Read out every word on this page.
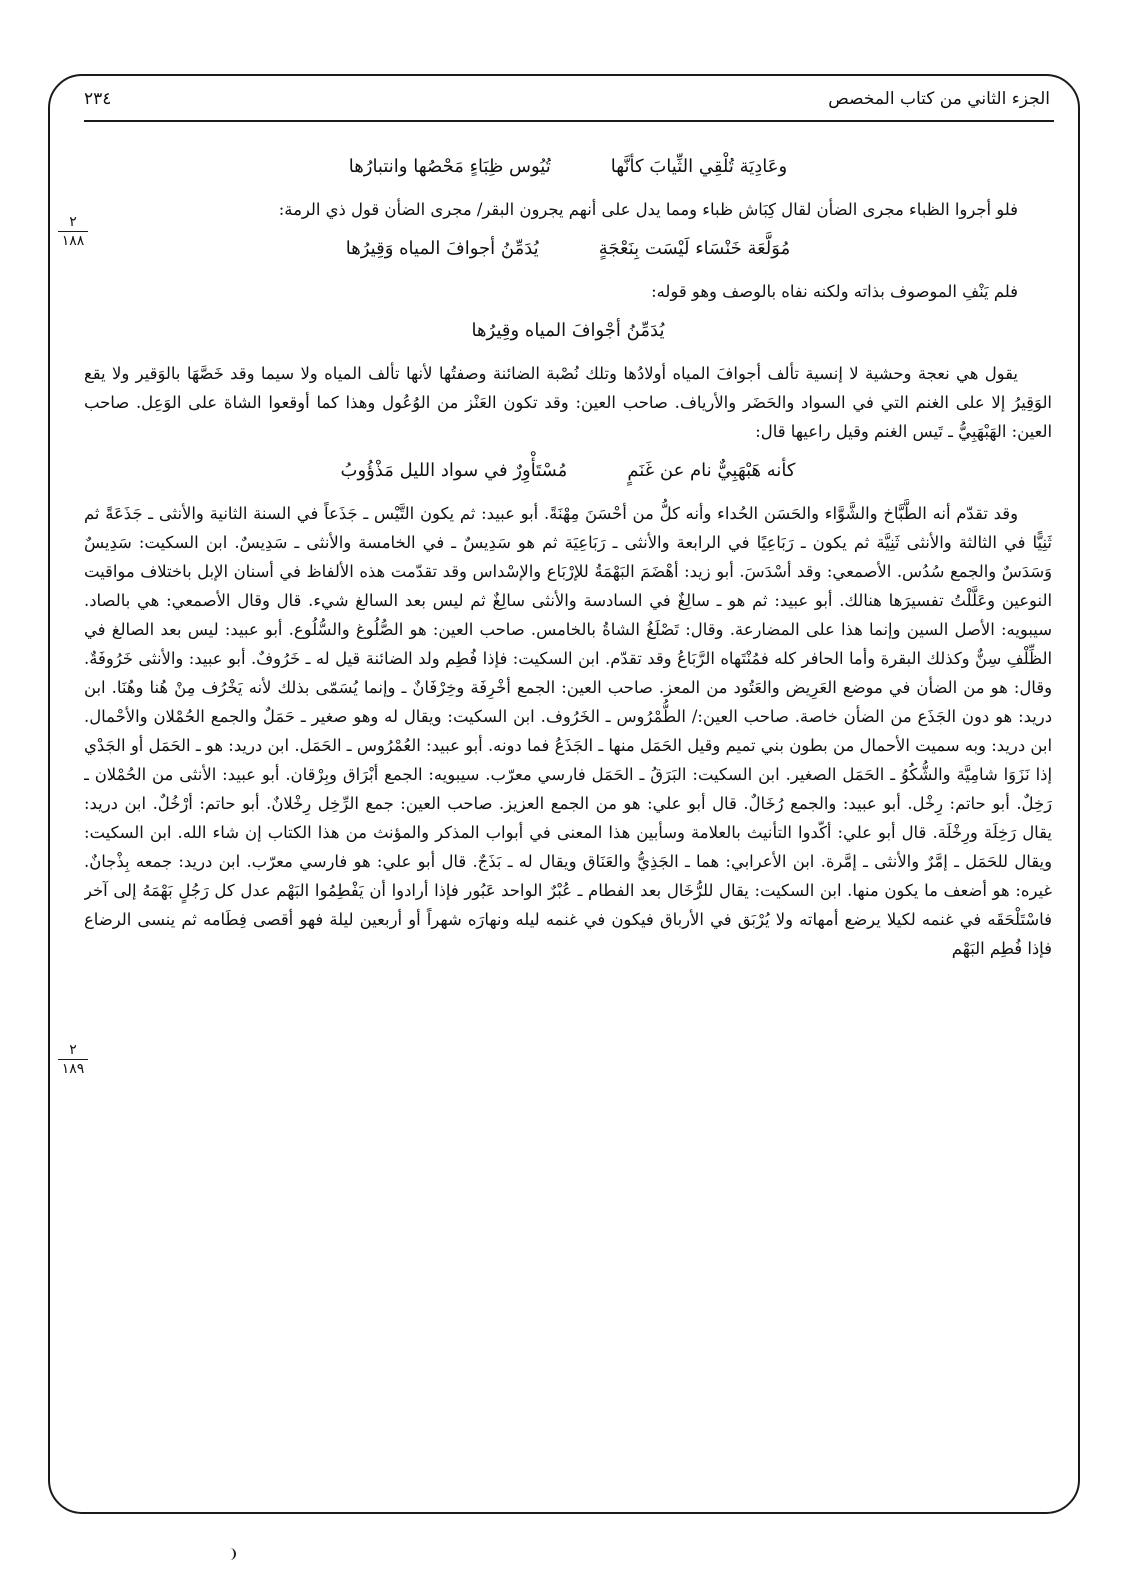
الجزء الثاني من كتاب المخصص
٢٣٤
٢
١٨٨
٢
١٨٩
وعَادِيَة تُلْقِي الثِّيابَ كأنَّها
تُيُوس ظِبَاءٍ مَحْصُها وانتبارُها

فلو أجروا الظباء مجرى الضأن لقال كِبَاش ظباء ومما يدل على أنهم يجرون البقر/ مجرى الضأن قول ذي الرمة:

مُوَلَّعَة خَنْسَاء لَيْسَت بِنَعْجَةٍ
يُدَمِّنُ أجوافَ المياه وَقِيرُها

فلم يَنْفِ الموصوف بذاته ولكنه نفاه بالوصف وهو قوله:

يُدَمِّنُ أجْوافَ المياه وقِيرُها

يقول هي نعجة وحشية لا إنسية تألف أجوافَ المياه أولادُها وتلك نُصْبة الضائنة وصفتُها لأنها تألف المياه ولا سيما وقد خَصَّهَا بالوَقير ولا يقع الوَقِيرُ إلا على الغنم التي في السواد والحَضَر والأرياف. صاحب العين: وقد تكون العَنْز من الوُعُول وهذا كما أوقعوا الشاة على الوَعِل. صاحب العين: الهَبْهَبِيُّ ـ تَيس الغنم وقيل راعيها قال:

كأنه هَبْهَبِيٌّ نام عن غَنَمٍ
مُسْتَأْوِرٌ في سواد الليل مَذْؤُوبُ

وقد تقدّم أنه الطَّبَّاخ والشَّوَّاء والحَسَن الحُداء وأنه كلُّ من أحْسَنَ مِهْنَةً. أبو عبيد: ثم يكون التَّيْس ـ جَذَعاً في السنة الثانية والأنثى ـ جَذَعَةً ثم ثَنِيًّا في الثالثة والأنثى ثَنِيَّة ثم يكون ـ رَبَاعِيًا في الرابعة والأنثى ـ رَبَاعِيَة ثم هو سَدِيسٌ ـ في الخامسة والأنثى ـ سَدِيسٌ. ابن السكيت: سَدِيسٌ وَسَدَسٌ والجمع سُدُس. الأصمعي: وقد أسْدَسَ. أبو زيد: أهْضَمَ البَهْمَةُ للإرْبَاع والإسْداس وقد تقدّمت هذه الألفاظ في أسنان الإبل باختلاف مواقيت النوعين وعَلَّلْتُ تفسيرَها هنالك. أبو عبيد: ثم هو ـ سالِغٌ في السادسة والأنثى سالِغٌ ثم ليس بعد السالغ شيء. قال وقال الأصمعي: هي بالصاد. سيبويه: الأصل السين وإنما هذا على المضارعة. وقال: تَصْلَغُ الشاةُ بالخامس. صاحب العين: هو الصُّلُوغ والسُّلُوع. أبو عبيد: ليس بعد الصالغ في الظِّلْفِ سِنٌّ وكذلك البقرة وأما الحافر كله فمُنْتَهاه الرَّبَاعُ وقد تقدّم. ابن السكيت: فإذا فُطِم ولد الضائنة قيل له ـ خَرُوفٌ. أبو عبيد: والأنثى خَرُوفَةٌ. وقال: هو من الضأن في موضع العَرِيض والعَتُود من المعز. صاحب العين: الجمع أخْرِفَة وخِرْفَانٌ ـ وإنما يُسَمّى بذلك لأنه يَخْرُف مِنْ هُنا وهُنَا. ابن دريد: هو دون الجَذَع من الضأن خاصة. صاحب العين:/ الطُّمْرُوس ـ الخَرُوف. ابن السكيت: ويقال له وهو صغير ـ حَمَلٌ والجمع الحُمْلان والأحْمال. ابن دريد: وبه سميت الأحمال من بطون بني تميم وقيل الحَمَل منها ـ الجَذَعُ فما دونه. أبو عبيد: العُمْرُوس ـ الحَمَل. ابن دريد: هو ـ الحَمَل أو الجَدْي إذا نَزَوَا شامِيَّة والشُّكُوُ ـ الحَمَل الصغير. ابن السكيت: البَرَقُ ـ الحَمَل فارسي معرّب. سيبويه: الجمع أبْرَاق وبِرْقان. أبو عبيد: الأنثى من الحُمْلان ـ رَخِلٌ. أبو حاتم: رِخْل. أبو عبيد: والجمع رُخَالٌ. قال أبو علي: هو من الجمع العزيز. صاحب العين: جمع الرِّخِل رِخْلانٌ. أبو حاتم: أرْخُلٌ. ابن دريد: يقال رَخِلَة ورِخْلَة. قال أبو علي: أكّدوا التأنيث بالعلامة وسأبين هذا المعنى في أبواب المذكر والمؤنث من هذا الكتاب إن شاء الله. ابن السكيت: ويقال للحَمَل ـ إمَّرٌ والأنثى ـ إمَّرة. ابن الأعرابي: هما ـ الجَذِيُّ والعَنَاق ويقال له ـ بَذَجٌ. قال أبو علي: هو فارسي معرّب. ابن دريد: جمعه بِذْجانٌ. غيره: هو أضعف ما يكون منها. ابن السكيت: يقال للرُّخَال بعد الفطام ـ عُبْرٌ الواحد عَبُور فإذا أرادوا أن يَفْطِمُوا البَهْم عدل كل رَجُلٍ بَهْمَهُ إلى آخر فاسْتَلْحَقَه في غنمه لكيلا يرضع أمهاته ولا يُرْبَق في الأرباق فيكون في غنمه ليله ونهارَه شهراً أو أربعين ليلة فهو أقصى فِطَامه ثم ينسى الرضاع فإذا فُطِم البَهْم
